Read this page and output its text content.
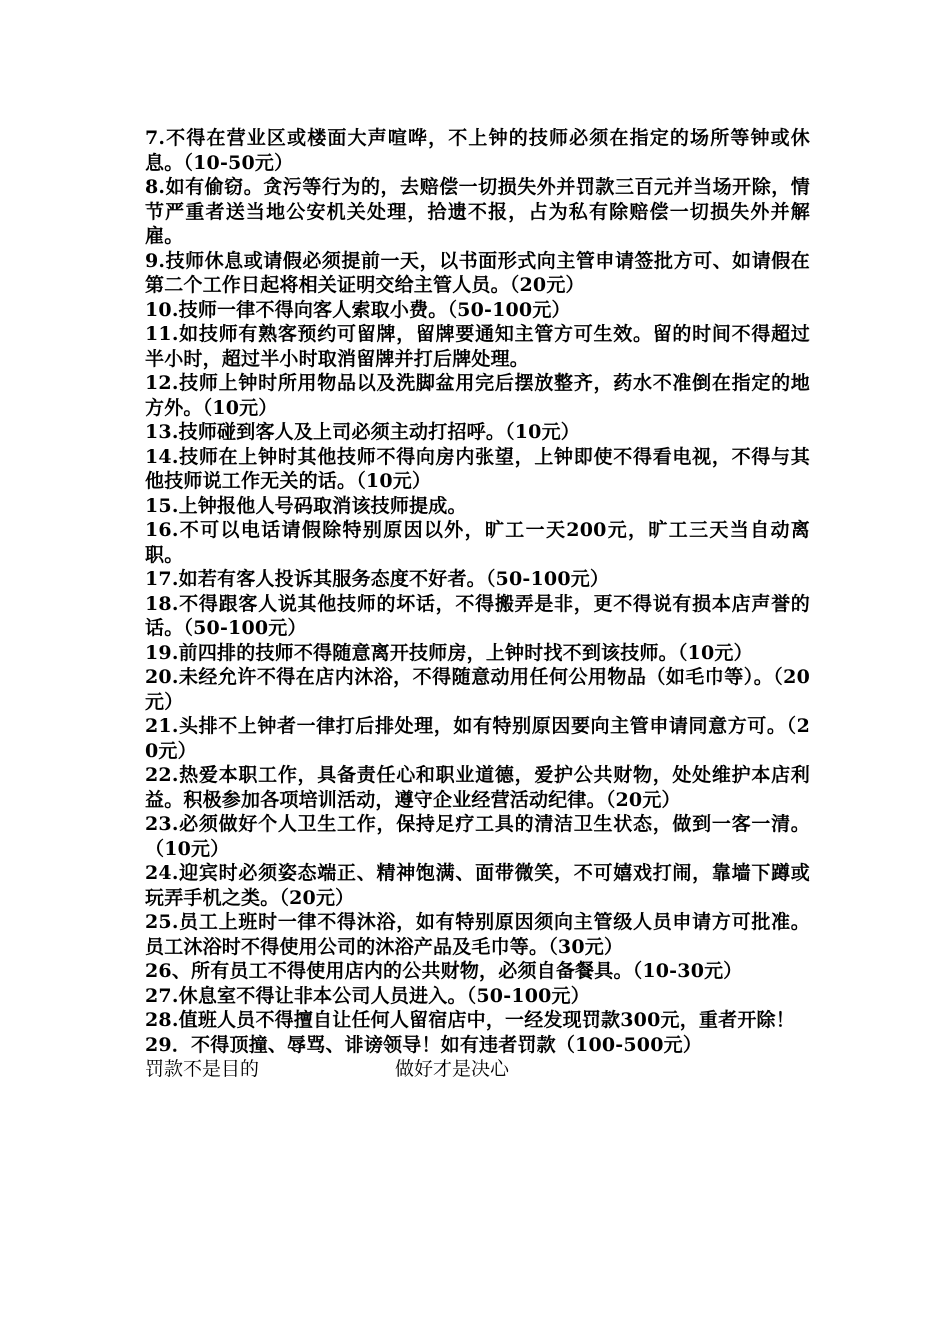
7.不得在营业区或楼面大声喧哗，不上钟的技师必须在指定的场所等钟或休息。（10-50元）

8.如有偷窃。贪污等行为的，去赔偿一切损失外并罚款三百元并当场开除，情节严重者送当地公安机关处理，拾遗不报，占为私有除赔偿一切损失外并解雇。

9.技师休息或请假必须提前一天，以书面形式向主管申请签批方可、如请假在第二个工作日起将相关证明交给主管人员。（20元）

10.技师一律不得向客人索取小费。（50-100元）

11.如技师有熟客预约可留牌，留牌要通知主管方可生效。留的时间不得超过半小时，超过半小时取消留牌并打后牌处理。

12.技师上钟时所用物品以及洗脚盆用完后摆放整齐，药水不准倒在指定的地方外。（10元）

13.技师碰到客人及上司必须主动打招呼。（10元）

14.技师在上钟时其他技师不得向房内张望，上钟即使不得看电视，不得与其他技师说工作无关的话。（10元）

15.上钟报他人号码取消该技师提成。

16.不可以电话请假除特别原因以外，旷工一天200元，旷工三天当自动离职。

17.如若有客人投诉其服务态度不好者。（50-100元）

18.不得跟客人说其他技师的坏话，不得搬弄是非，更不得说有损本店声誉的话。（50-100元）

19.前四排的技师不得随意离开技师房，上钟时找不到该技师。（10元）

20.未经允许不得在店内沐浴，不得随意动用任何公用物品（如毛巾等）。（20元）

21.头排不上钟者一律打后排处理，如有特别原因要向主管申请同意方可。（20元）

22.热爱本职工作，具备责任心和职业道德，爱护公共财物，处处维护本店利益。积极参加各项培训活动，遵守企业经营活动纪律。（20元）

23.必须做好个人卫生工作，保持足疗工具的清洁卫生状态，做到一客一清。（10元）

24.迎宾时必须姿态端正、精神饱满、面带微笑，不可嬉戏打闹，靠墙下蹲或玩弄手机之类。（20元）

25.员工上班时一律不得沐浴，如有特别原因须向主管级人员申请方可批准。员工沐浴时不得使用公司的沐浴产品及毛巾等。（30元）

26、所有员工不得使用店内的公共财物，必须自备餐具。（10-30元）

27.休息室不得让非本公司人员进入。（50-100元）

28.值班人员不得擅自让任何人留宿店中，一经发现罚款300元，重者开除！

29．不得顶撞、辱骂、诽谤领导！如有违者罚款（100-500元）

罚款不是目的	做好才是决心
